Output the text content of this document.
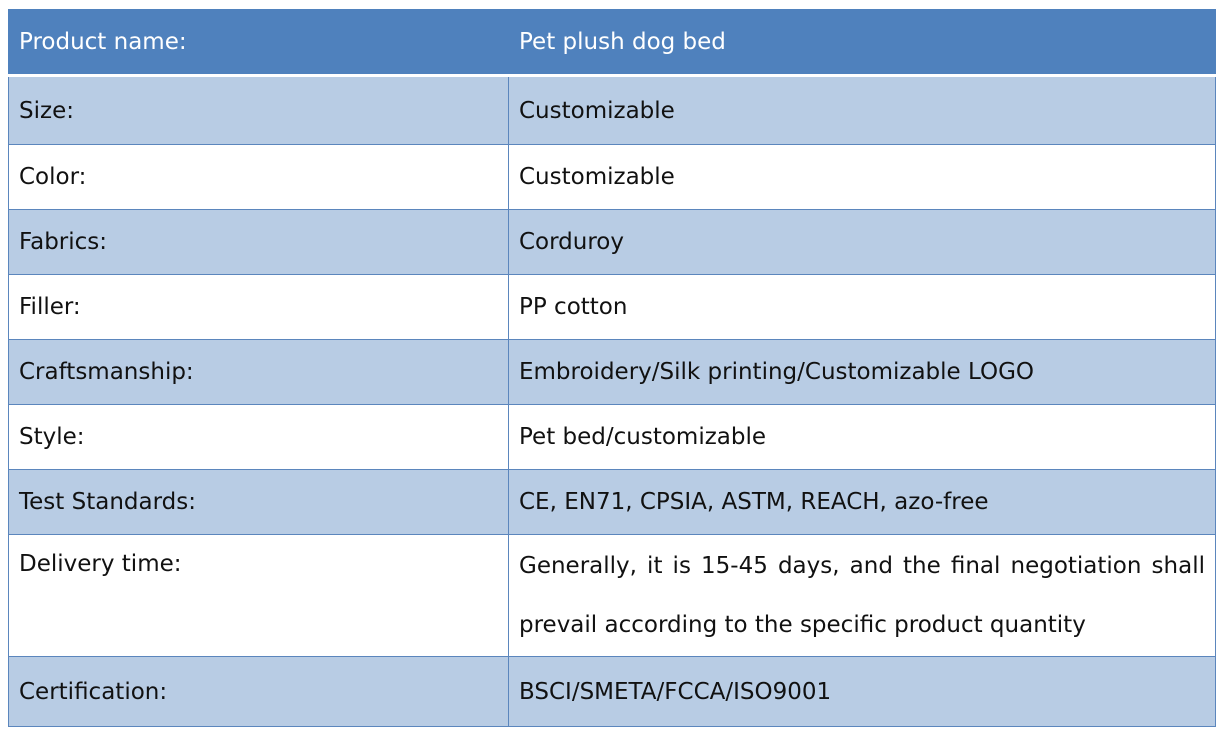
Product name:	Pet plush dog bed
Size:	Customizable
Color:	Customizable
Fabrics:	Corduroy
Filler:	PP cotton
Craftsmanship:	Embroidery/Silk printing/Customizable LOGO
Style:	Pet bed/customizable
Test Standards:	CE, EN71, CPSIA, ASTM, REACH, azo-free
Delivery time:	Generally, it is 15-45 days, and the final negotiation shall prevail according to the specific product quantity
Certification:	BSCI/SMETA/FCCA/ISO9001
